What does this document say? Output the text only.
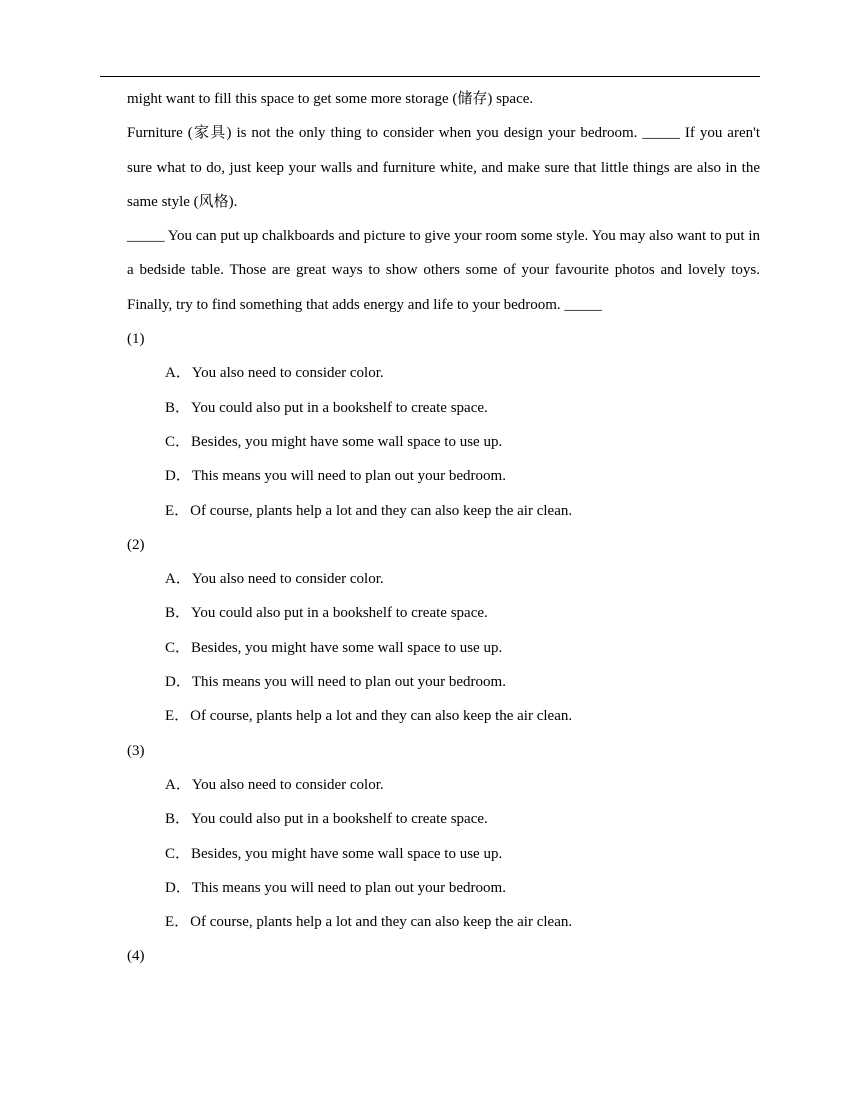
might want to fill this space to get some more storage (储存) space.

Furniture (家具) is not the only thing to consider when you design your bedroom. _____ If you aren't sure what to do, just keep your walls and furniture white, and make sure that little things are also in the same style (风格).

_____ You can put up chalkboards and picture to give your room some style. You may also want to put in a bedside table. Those are great ways to show others some of your favourite photos and lovely toys. Finally, try to find something that adds energy and life to your bedroom. _____

(1)

A．You also need to consider color.
B．You could also put in a bookshelf to create space.
C．Besides, you might have some wall space to use up.
D．This means you will need to plan out your bedroom.
E．Of course, plants help a lot and they can also keep the air clean.

(2)

A．You also need to consider color.
B．You could also put in a bookshelf to create space.
C．Besides, you might have some wall space to use up.
D．This means you will need to plan out your bedroom.
E．Of course, plants help a lot and they can also keep the air clean.

(3)

A．You also need to consider color.
B．You could also put in a bookshelf to create space.
C．Besides, you might have some wall space to use up.
D．This means you will need to plan out your bedroom.
E．Of course, plants help a lot and they can also keep the air clean.

(4)
